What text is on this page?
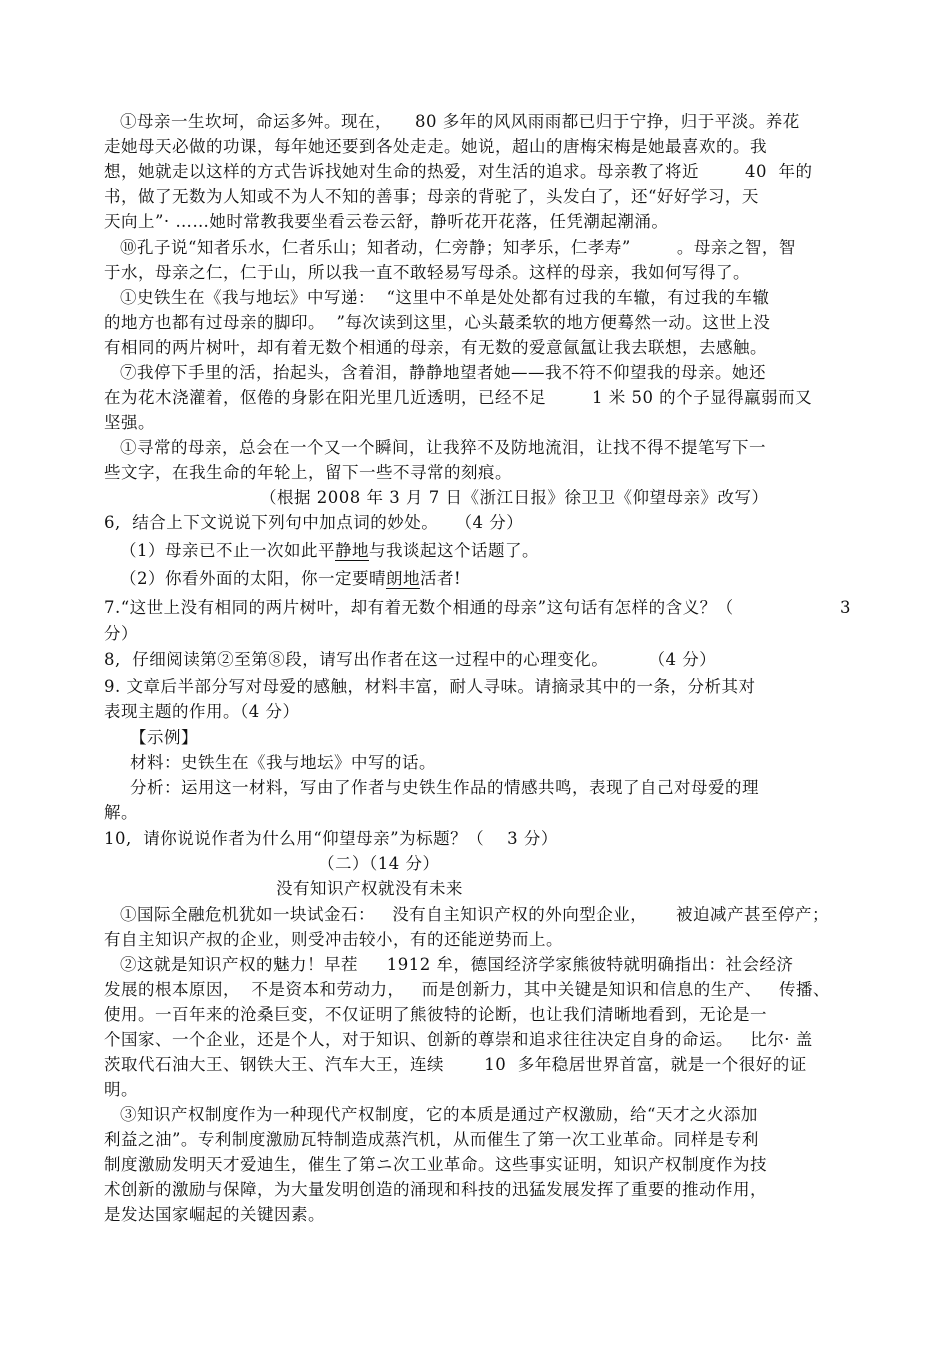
①母亲一生坎坷，命运多舛。现在，    80 多年的风风雨雨都已归于宁挣，归于平淡。养花
走她母天必做的功课，每年她还要到各处走走。她说，超山的唐梅宋梅是她最喜欢的。我
想，她就走以这样的方式告诉找她对生命的热爱，对生活的追求。母亲教了将近        40  年的
书，做了无数为人知或不为人不知的善事；母亲的背驼了，头发白了，还“好好学习，天
天向上”· ……她时常教我要坐看云卷云舒，静听花开花落，任凭潮起潮涌。
⑩孔子说“知者乐水，仁者乐山；知者动，仁旁静；知孝乐，仁孝寿”        。母亲之智，智
于水，母亲之仁，仁于山，所以我一直不敢轻易写母杀。这样的母亲，我如何写得了。
①史铁生在《我与地坛》中写递：  “这里中不单是处处都有过我的车辙，有过我的车辙
的地方也都有过母亲的脚印。  ”每次读到这里，心头蕞柔软的地方便蓦然一动。这世上没
有相同的两片树叶，却有着无数个相通的母亲，有无数的爱意氤氲让我去联想，去感触。
⑦我停下手里的活，抬起头，含着泪，静静地望者她——我不符不仰望我的母亲。她还
在为花木浇灌着，伛倦的身影在阳光里几近透明，已经不足        1 米 50 的个子显得羸弱而又
坚强。
①寻常的母亲，总会在一个又一个瞬间，让我猝不及防地流泪，让找不得不提笔写下一
些文字，在我生命的年轮上，留下一些不寻常的刻痕。
（根据 2008 年 3 月 7 日《浙江日报》徐卫卫《仰望母亲》改写）
6,  结合上下文说说下列句中加点词的妙处。   （4 分）
（1）母亲已不止一次如此平静地与我谈起这个话题了。
（2）你看外面的太阳，你一定要晴朗地活者!
7.“这世上没有相同的两片树叶，却有着无数个相通的母亲”这句话有怎样的含义？（	3
分）
8,  仔细阅读第②至第⑧段，请写出作者在这一过程中的心理变化。       （4 分）
9. 文章后半部分写对母爱的感触，材料丰富，耐人寻味。请摘录其中的一条，分析其对
表现主题的作用。（4 分）
【示例】
材料：史铁生在《我与地坛》中写的话。
分析：运用这一材料，写由了作者与史铁生作品的情感共鸣，表现了自己对母爱的理
解。
10,  请你说说作者为什么用“仰望母亲”为标题？（    3 分）
（二）（14 分）
没有知识产权就没有未来
①国际全融危机犹如一块试金石：   没有自主知识产权的外向型企业，     被迫减产甚至停产；
有自主知识产叔的企业，则受冲击较小，有的还能逆势而上。
②这就是知识产权的魅力！早茬     1912 牟，德国经济学家熊彼特就明确指出：社会经济
发展的根本原因，  不是资本和劳动力，   而是创新力，其中关键是知识和信息的生产、   传播、
使用。一百年来的沧桑巨变，不仅证明了熊彼特的论断，也让我们清晰地看到，无论是一
个国家、一个企业，还是个人，对于知识、创新的尊崇和追求往往决定自身的命运。   比尔· 盖
茨取代石油大王、钢铁大王、汽车大王，连续       10  多年稳居世界首富，就是一个很好的证
明。
③知识产权制度作为一种现代产权制度，它的本质是通过产权激励，给“天才之火添加
利益之油”。专利制度激励瓦特制造成蒸汽机，从而催生了第一次工业革命。同样是专利
制度激励发明天才爱迪生，催生了第ニ次工业革命。这些事实证明，知识产权制度作为技
术创新的激励与保障，为大量发明创造的涌现和科技的迅猛发展发挥了重要的推动作用，
是发达国家崛起的关键因素。
